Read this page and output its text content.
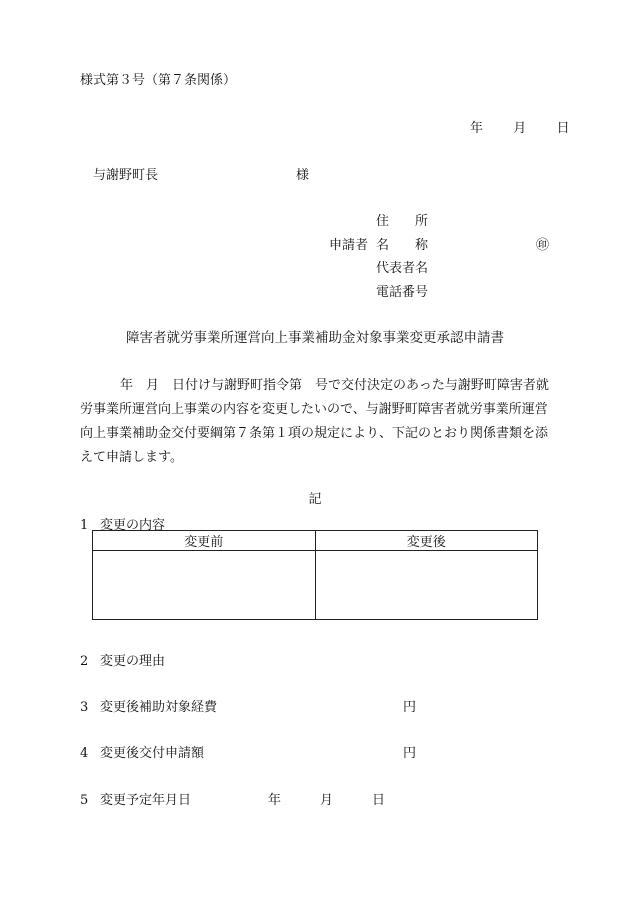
様式第３号（第７条関係）
年 月 日
与謝野町長	様
申請者
住　　所
名　　称
代表者名
電話番号
㊞
障害者就労事業所運営向上事業補助金対象事業変更承認申請書
年　月　日付け与謝野町指令第　号で交付決定のあった与謝野町障害者就労事業所運営向上事業の内容を変更したいので、与謝野町障害者就労事業所運営向上事業補助金交付要綱第７条第１項の規定により、下記のとおり関係書類を添えて申請します。
記
1 変更の内容
変更前	変更後

2 変更の理由
3 変更後補助対象経費	円
4 変更後交付申請額	円
5 変更予定年月日	年　　　月　　　日
